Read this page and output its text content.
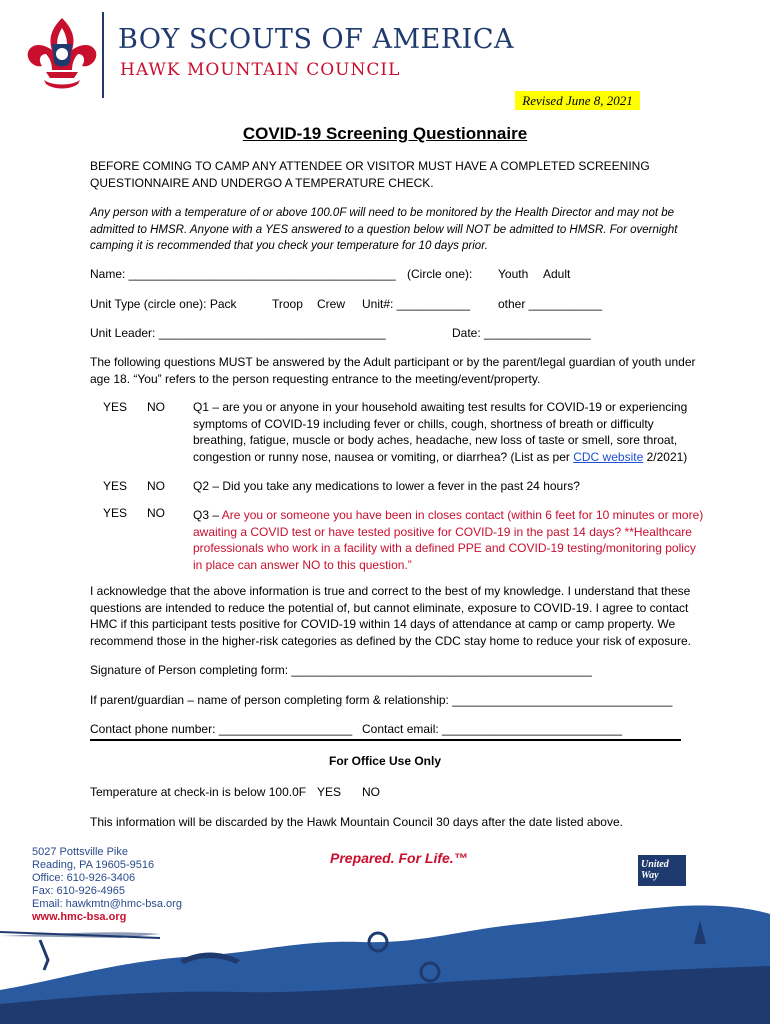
BOY SCOUTS OF AMERICA
HAWK MOUNTAIN COUNCIL
Revised June 8, 2021
COVID-19 Screening Questionnaire
BEFORE COMING TO CAMP ANY ATTENDEE OR VISITOR MUST HAVE A COMPLETED SCREENING
QUESTIONNAIRE AND UNDERGO A TEMPERATURE CHECK.
Any person with a temperature of or above 100.0F will need to be monitored by the Health Director and may not be
admitted to HMSR. Anyone with a YES answered to a question below will NOT be admitted to HMSR. For overnight
camping it is recommended that you check your temperature for 10 days prior.
Name: ________________________________________ (Circle one): Youth Adult
Unit Type (circle one): Pack	Troop Crew Unit#: ___________ other ___________
Unit Leader: __________________________________	Date: ________________
The following questions MUST be answered by the Adult participant or by the parent/legal guardian of youth under
age 18. “You” refers to the person requesting entrance to the meeting/event/property.
YES NO Q1 – are you or anyone in your household awaiting test results for COVID-19 or experiencing
symptoms of COVID-19 including fever or chills, cough, shortness of breath or difficulty
breathing, fatigue, muscle or body aches, headache, new loss of taste or smell, sore throat,
congestion or runny nose, nausea or vomiting, or diarrhea? (List as per CDC website 2/2021)
YES NO Q2 – Did you take any medications to lower a fever in the past 24 hours?
YES NO Q3 – Are you or someone you have been in closes contact (within 6 feet for 10 minutes or more)
awaiting a COVID test or have tested positive for COVID-19 in the past 14 days? **Healthcare
professionals who work in a facility with a defined PPE and COVID-19 testing/monitoring policy
in place can answer NO to this question.”
I acknowledge that the above information is true and correct to the best of my knowledge. I understand that these
questions are intended to reduce the potential of, but cannot eliminate, exposure to COVID-19. I agree to contact
HMC if this participant tests positive for COVID-19 within 14 days of attendance at camp or camp property. We
recommend those in the higher-risk categories as defined by the CDC stay home to reduce your risk of exposure.
Signature of Person completing form: _____________________________________________
If parent/guardian – name of person completing form & relationship: _________________________________
Contact phone number: ____________________ Contact email: ___________________________
For Office Use Only
Temperature at check-in is below 100.0F YES NO
This information will be discarded by the Hawk Mountain Council 30 days after the date listed above.
5027 Pottsville Pike
Reading, PA 19605-9516
Office: 610-926-3406
Fax: 610-926-4965
Email: hawkmtn@hmc-bsa.org
www.hmc-bsa.org
Prepared. For Life.™	United
Way
